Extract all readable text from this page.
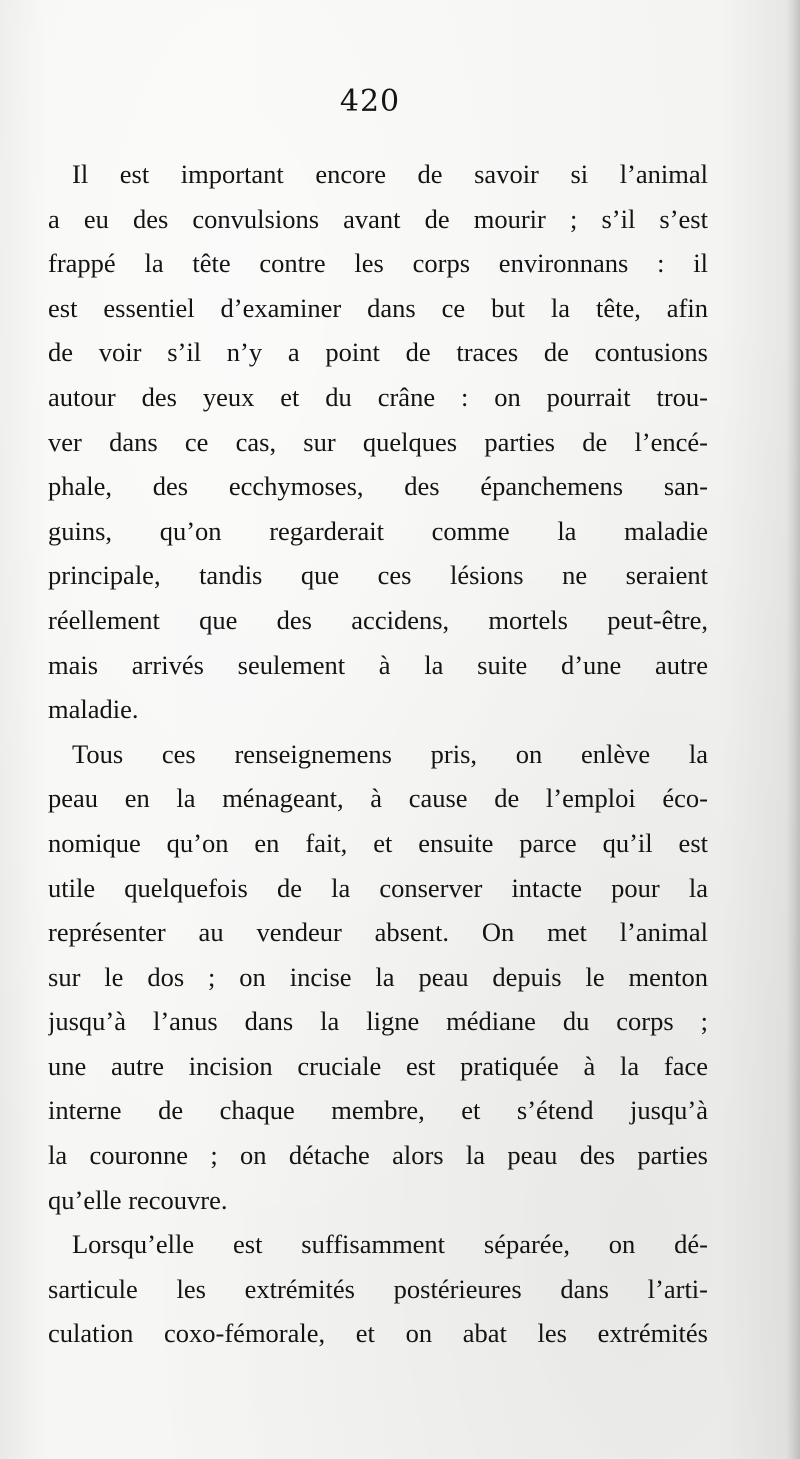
420
Il est important encore de savoir si l’animal
a eu des convulsions avant de mourir ; s’il s’est
frappé la tête contre les corps environnans : il
est essentiel d’examiner dans ce but la tête, afin
de voir s’il n’y a point de traces de contusions
autour des yeux et du crâne : on pourrait trou-
ver dans ce cas, sur quelques parties de l’encé-
phale, des ecchymoses, des épanchemens san-
guins, qu’on regarderait comme la maladie
principale, tandis que ces lésions ne seraient
réellement que des accidens, mortels peut-être,
mais arrivés seulement à la suite d’une autre
maladie.
Tous ces renseignemens pris, on enlève la
peau en la ménageant, à cause de l’emploi éco-
nomique qu’on en fait, et ensuite parce qu’il est
utile quelquefois de la conserver intacte pour la
représenter au vendeur absent. On met l’animal
sur le dos ; on incise la peau depuis le menton
jusqu’à l’anus dans la ligne médiane du corps ;
une autre incision cruciale est pratiquée à la face
interne de chaque membre, et s’étend jusqu’à
la couronne ; on détache alors la peau des parties
qu’elle recouvre.
Lorsqu’elle est suffisamment séparée, on dé-
sarticule les extrémités postérieures dans l’arti-
culation coxo-fémorale, et on abat les extrémités
